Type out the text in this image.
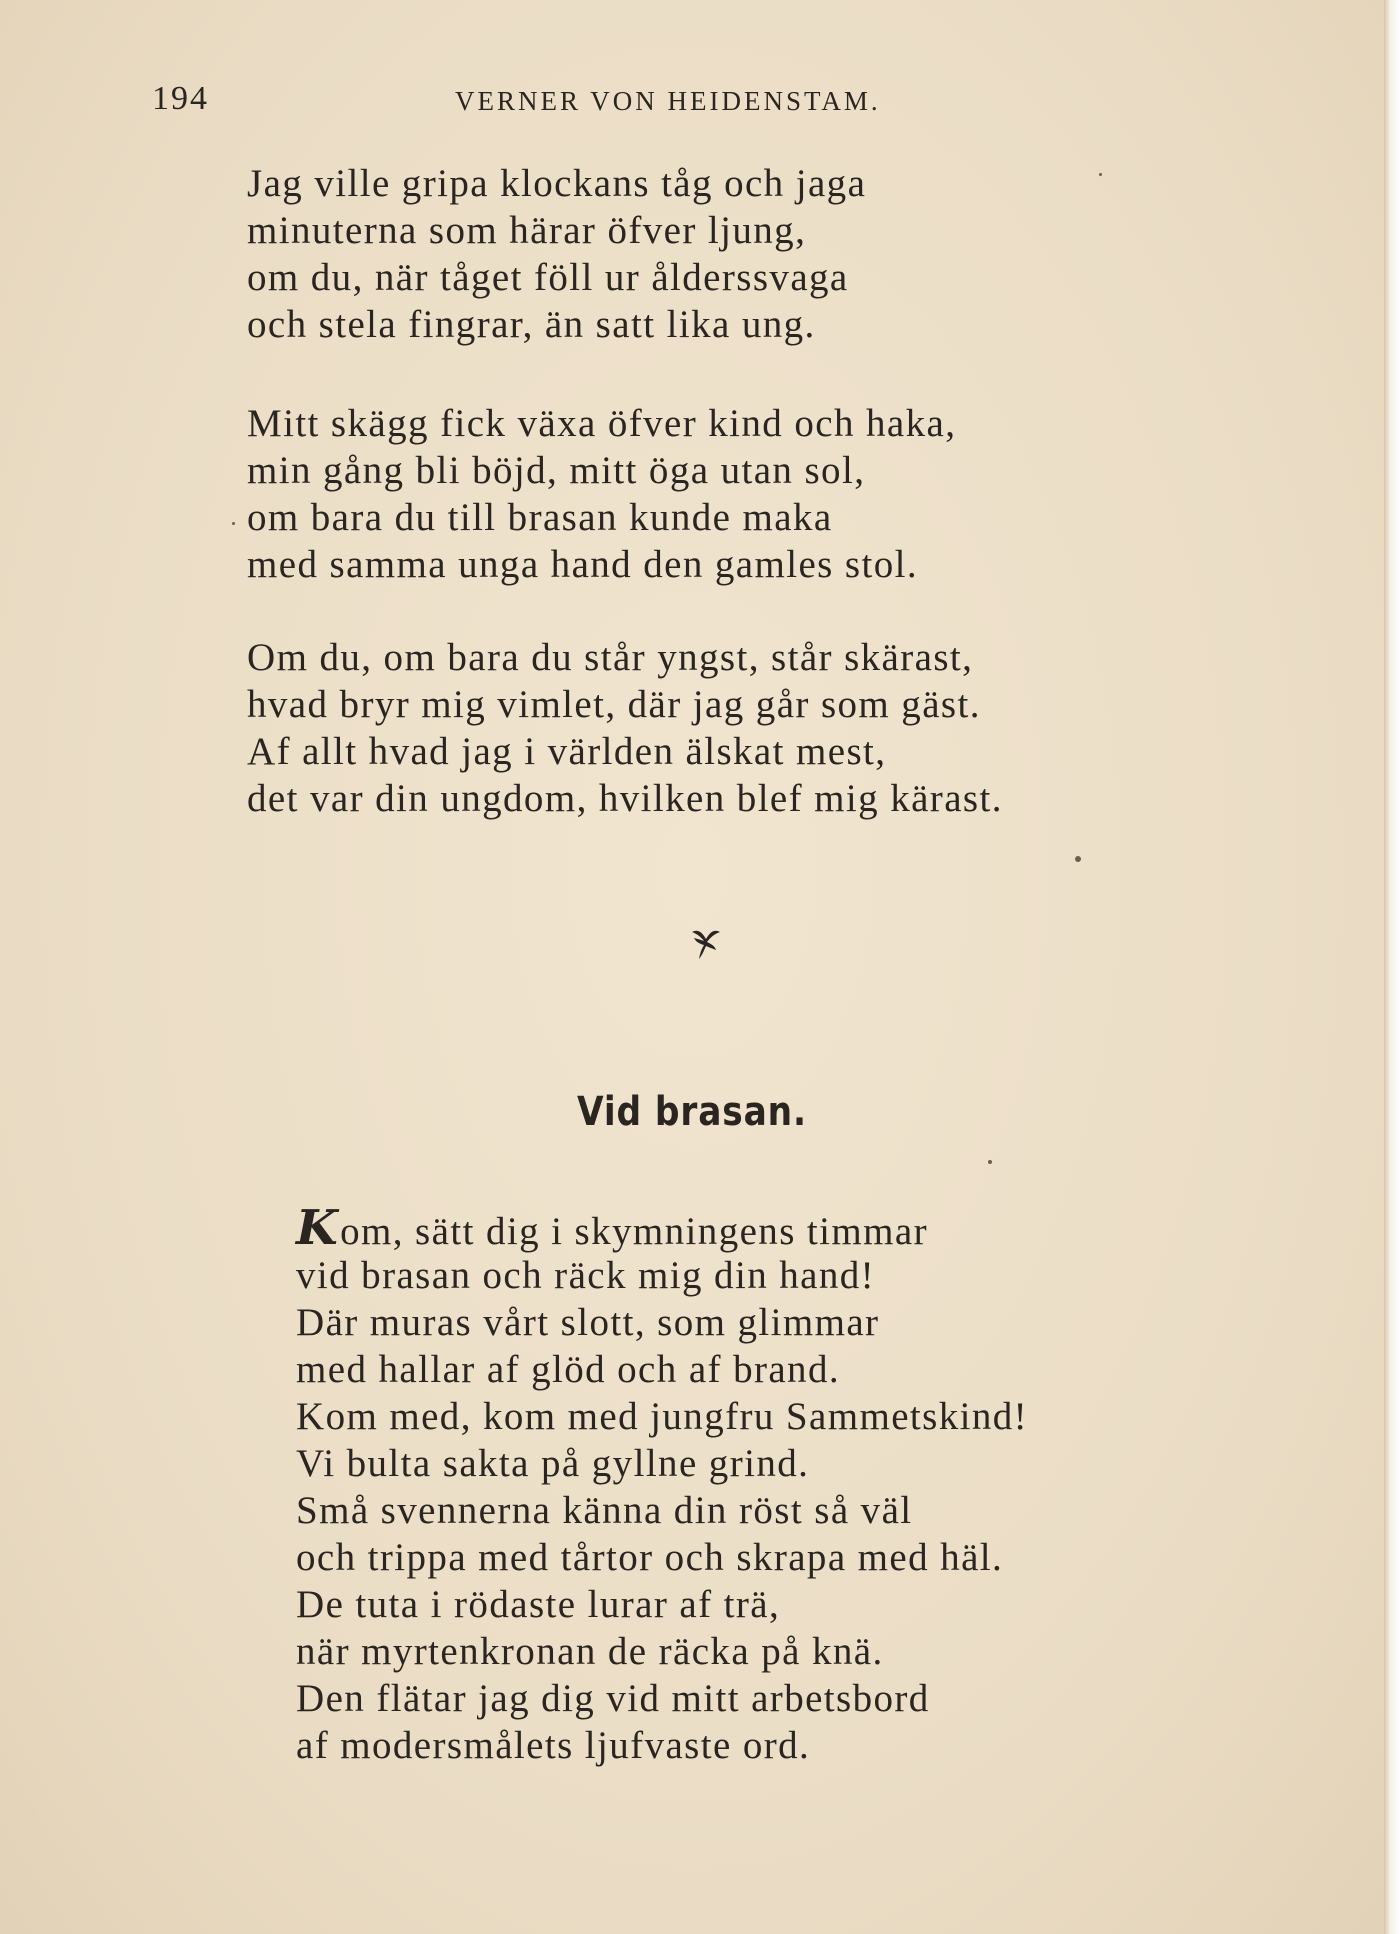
194	VERNER VON HEIDENSTAM.
Jag ville gripa klockans tåg och jaga
minuterna som härar öfver ljung,
om du, när tåget föll ur ålderssvaga
och stela fingrar, än satt lika ung.
Mitt skägg fick växa öfver kind och haka,
min gång bli böjd, mitt öga utan sol,
om bara du till brasan kunde maka
med samma unga hand den gamles stol.
Om du, om bara du står yngst, står skärast,
hvad bryr mig vimlet, där jag går som gäst.
Af allt hvad jag i världen älskat mest,
det var din ungdom, hvilken blef mig kärast.
Vid brasan.
Kom, sätt dig i skymningens timmar
vid brasan och räck mig din hand!
Där muras vårt slott, som glimmar
med hallar af glöd och af brand.
Kom med, kom med jungfru Sammetskind!
Vi bulta sakta på gyllne grind.
Små svennerna känna din röst så väl
och trippa med tårtor och skrapa med häl.
De tuta i rödaste lurar af trä,
när myrtenkronan de räcka på knä.
Den flätar jag dig vid mitt arbetsbord
af modersmålets ljufvaste ord.
